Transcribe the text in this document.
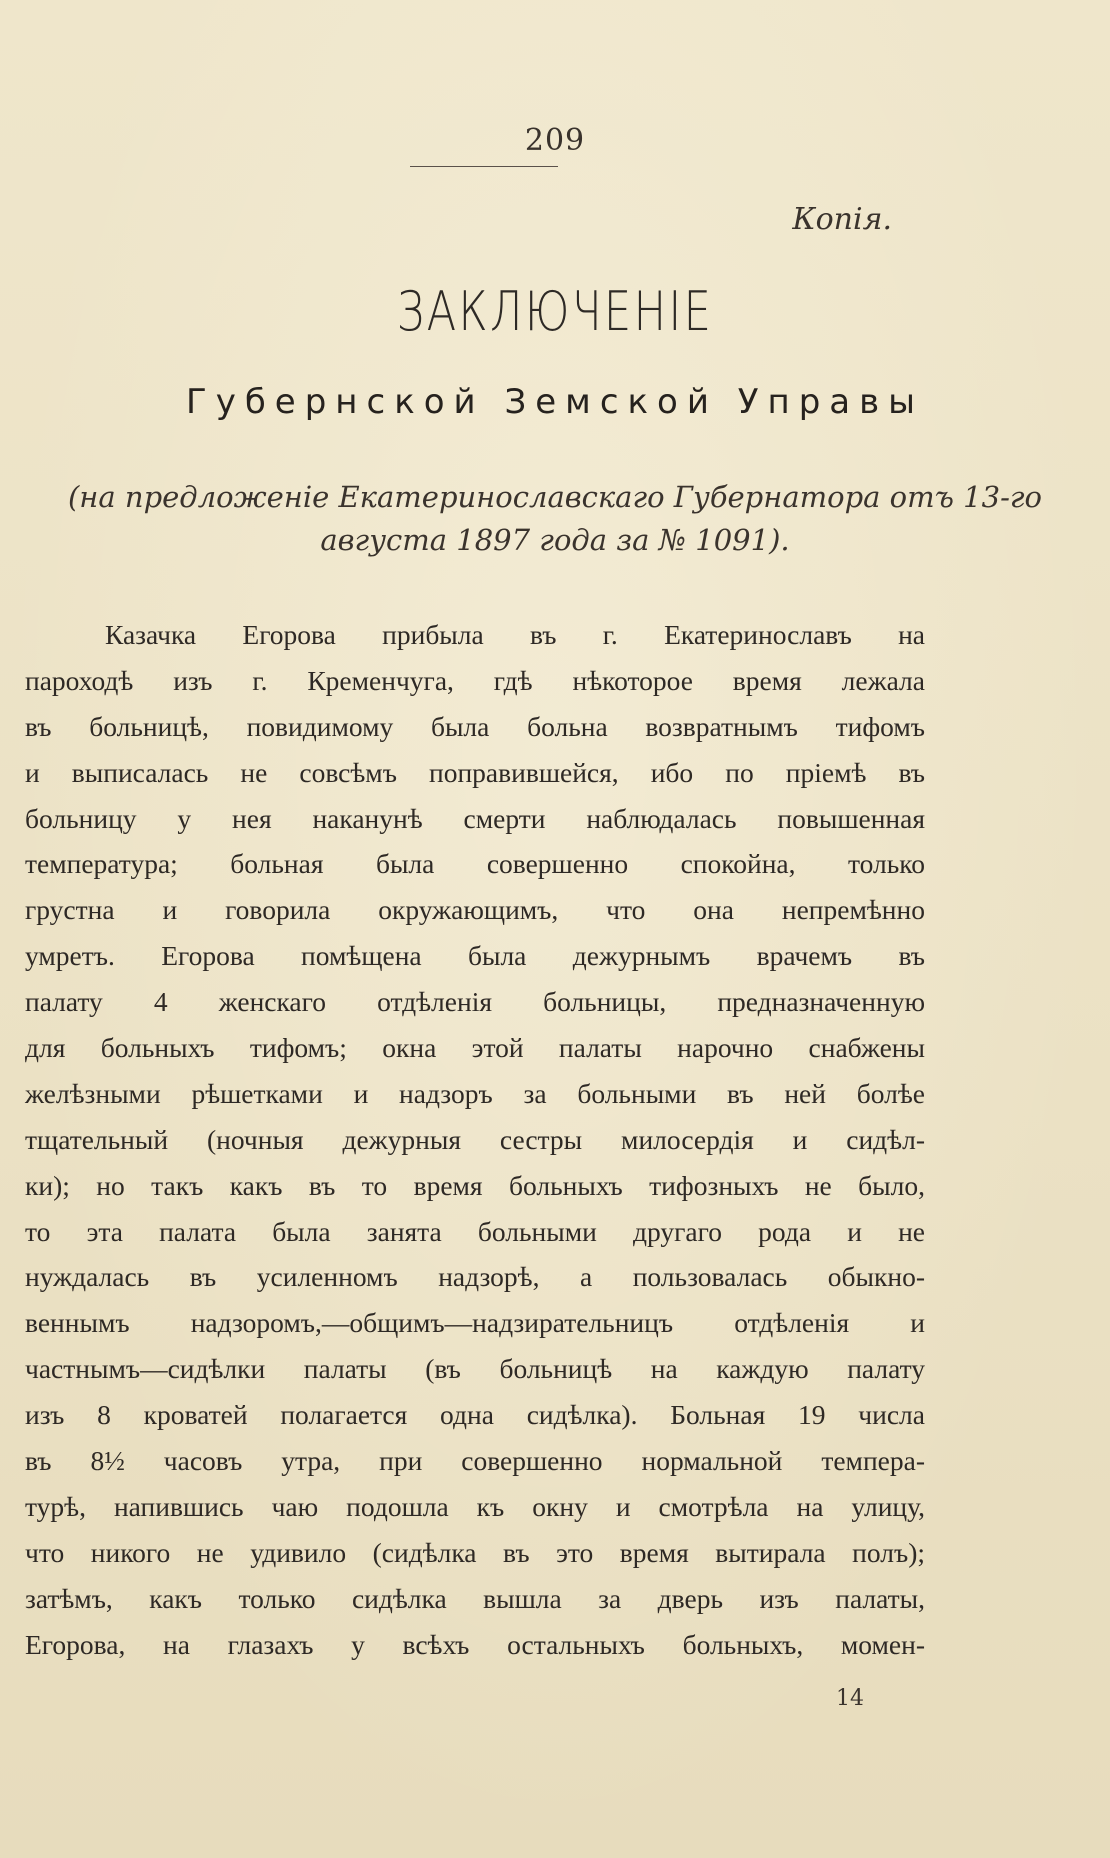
209
Копія.
ЗАКЛЮЧЕНІЕ
Губернской Земской Управы
(на предложеніе Екатеринославскаго Губернатора отъ 13-го
августа 1897 года за № 1091).
Казачка Егорова прибыла въ г. Екатеринославъ на
пароходѣ изъ г. Кременчуга, гдѣ нѣкоторое время лежала
въ больницѣ, повидимому была больна возвратнымъ тифомъ
и выписалась не совсѣмъ поправившейся, ибо по пріемѣ въ
больницу у нея наканунѣ смерти наблюдалась повышенная
температура; больная была совершенно спокойна, только
грустна и говорила окружающимъ, что она непремѣнно
умретъ. Егорова помѣщена была дежурнымъ врачемъ въ
палату 4 женскаго отдѣленія больницы, предназначенную
для больныхъ тифомъ; окна этой палаты нарочно снабжены
желѣзными рѣшетками и надзоръ за больными въ ней болѣе
тщательный (ночныя дежурныя сестры милосердія и сидѣл-
ки); но такъ какъ въ то время больныхъ тифозныхъ не было,
то эта палата была занята больными другаго рода и не
нуждалась въ усиленномъ надзорѣ, а пользовалась обыкно-
веннымъ надзоромъ,—общимъ—надзирательницъ отдѣленія и
частнымъ—сидѣлки палаты (въ больницѣ на каждую палату
изъ 8 кроватей полагается одна сидѣлка). Больная 19 числа
въ 8½ часовъ утра, при совершенно нормальной темпера-
турѣ, напившись чаю подошла къ окну и смотрѣла на улицу,
что никого не удивило (сидѣлка въ это время вытирала полъ);
затѣмъ, какъ только сидѣлка вышла за дверь изъ палаты,
Егорова, на глазахъ у всѣхъ остальныхъ больныхъ, момен-
14
